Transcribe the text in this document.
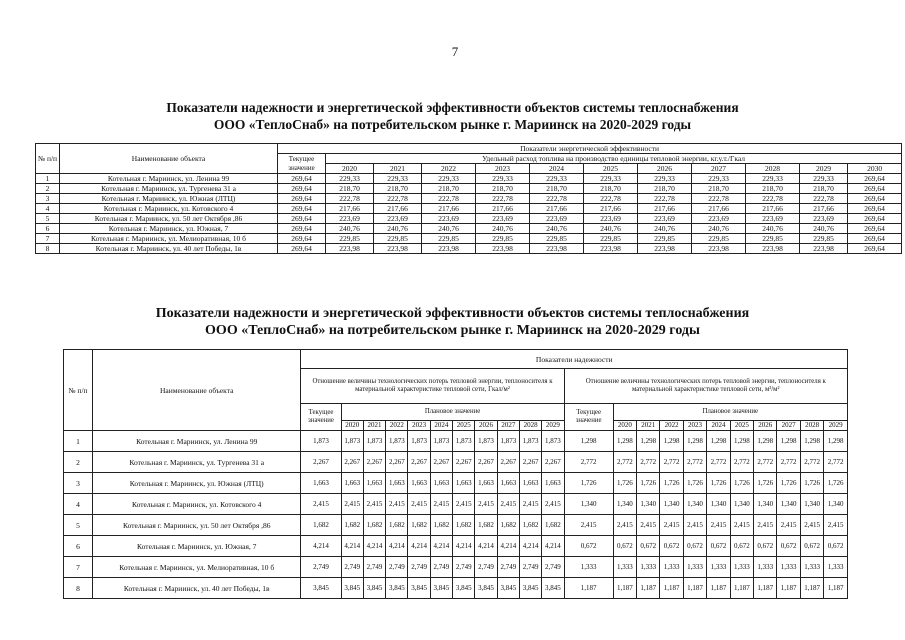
7
Показатели надежности и энергетической эффективности объектов системы теплоснабжения
ООО «ТеплоСнаб» на потребительском рынке г. Мариинск на 2020-2029 годы
№ п/п	Наименование объекта	Показатели энергетической эффективности											
		Текущее значение	Удельный расход топлива на производство единицы тепловой энергии, кг.у.т./Гкал										
			2020	2021	2022	2023	2024	2025	2026	2027	2028	2029	2030
1	Котельная г. Мариинск, ул. Ленина 99	269,64	229,33	229,33	229,33	229,33	229,33	229,33	229,33	229,33	229,33	229,33	269,64
2	Котельная г. Мариинск, ул. Тургенева 31 а	269,64	218,70	218,70	218,70	218,70	218,70	218,70	218,70	218,70	218,70	218,70	269,64
3	Котельная г. Мариинск, ул. Южная (ЛТЦ)	269,64	222,78	222,78	222,78	222,78	222,78	222,78	222,78	222,78	222,78	222,78	269,64
4	Котельная г. Мариинск, ул. Котовского 4	269,64	217,66	217,66	217,66	217,66	217,66	217,66	217,66	217,66	217,66	217,66	269,64
5	Котельная г. Мариинск, ул. 50 лет Октября ,86	269,64	223,69	223,69	223,69	223,69	223,69	223,69	223,69	223,69	223,69	223,69	269,64
6	Котельная г. Мариинск, ул. Южная, 7	269,64	240,76	240,76	240,76	240,76	240,76	240,76	240,76	240,76	240,76	240,76	269,64
7	Котельная г. Мариинск, ул. Мелиоративная, 10 б	269,64	229,85	229,85	229,85	229,85	229,85	229,85	229,85	229,85	229,85	229,85	269,64
8	Котельная г. Мариинск, ул. 40 лет Победы, 1в	269,64	223,98	223,98	223,98	223,98	223,98	223,98	223,98	223,98	223,98	223,98	269,64
Показатели надежности и энергетической эффективности объектов системы теплоснабжения
ООО «ТеплоСнаб» на потребительском рынке г. Мариинск на 2020-2029 годы
№ п/п	Наименование объекта	Показатели надежности																					
		Отношение величины технологических потерь тепловой энергии, теплоносителя к материальной характеристике тепловой сети, Гкал/м²											Отношение величины технологических потерь тепловой энергии, теплоносителя к материальной характеристике тепловой сети, м³/м²										
		Текущее значение	Плановое значение										Текущее значение	Плановое значение									
			2020	2021	2022	2023	2024	2025	2026	2027	2028	2029		2020	2021	2022	2023	2024	2025	2026	2027	2028	2029
1	Котельная г. Мариинск, ул. Ленина 99	1,873	1,873	1,873	1,873	1,873	1,873	1,873	1,873	1,873	1,873	1,873	1,298	1,298	1,298	1,298	1,298	1,298	1,298	1,298	1,298	1,298	1,298
2	Котельная г. Мариинск, ул. Тургенева 31 а	2,267	2,267	2,267	2,267	2,267	2,267	2,267	2,267	2,267	2,267	2,267	2,772	2,772	2,772	2,772	2,772	2,772	2,772	2,772	2,772	2,772	2,772
3	Котельная г. Мариинск, ул. Южная (ЛТЦ)	1,663	1,663	1,663	1,663	1,663	1,663	1,663	1,663	1,663	1,663	1,663	1,726	1,726	1,726	1,726	1,726	1,726	1,726	1,726	1,726	1,726	1,726
4	Котельная г. Мариинск, ул. Котовского 4	2,415	2,415	2,415	2,415	2,415	2,415	2,415	2,415	2,415	2,415	2,415	1,340	1,340	1,340	1,340	1,340	1,340	1,340	1,340	1,340	1,340	1,340
5	Котельная г. Мариинск, ул. 50 лет Октября ,86	1,682	1,682	1,682	1,682	1,682	1,682	1,682	1,682	1,682	1,682	1,682	2,415	2,415	2,415	2,415	2,415	2,415	2,415	2,415	2,415	2,415	2,415
6	Котельная г. Мариинск, ул. Южная, 7	4,214	4,214	4,214	4,214	4,214	4,214	4,214	4,214	4,214	4,214	4,214	0,672	0,672	0,672	0,672	0,672	0,672	0,672	0,672	0,672	0,672	0,672
7	Котельная г. Мариинск, ул. Мелиоративная, 10 б	2,749	2,749	2,749	2,749	2,749	2,749	2,749	2,749	2,749	2,749	2,749	1,333	1,333	1,333	1,333	1,333	1,333	1,333	1,333	1,333	1,333	1,333
8	Котельная г. Мариинск, ул. 40 лет Победы, 1в	3,845	3,845	3,845	3,845	3,845	3,845	3,845	3,845	3,845	3,845	3,845	1,187	1,187	1,187	1,187	1,187	1,187	1,187	1,187	1,187	1,187	1,187
